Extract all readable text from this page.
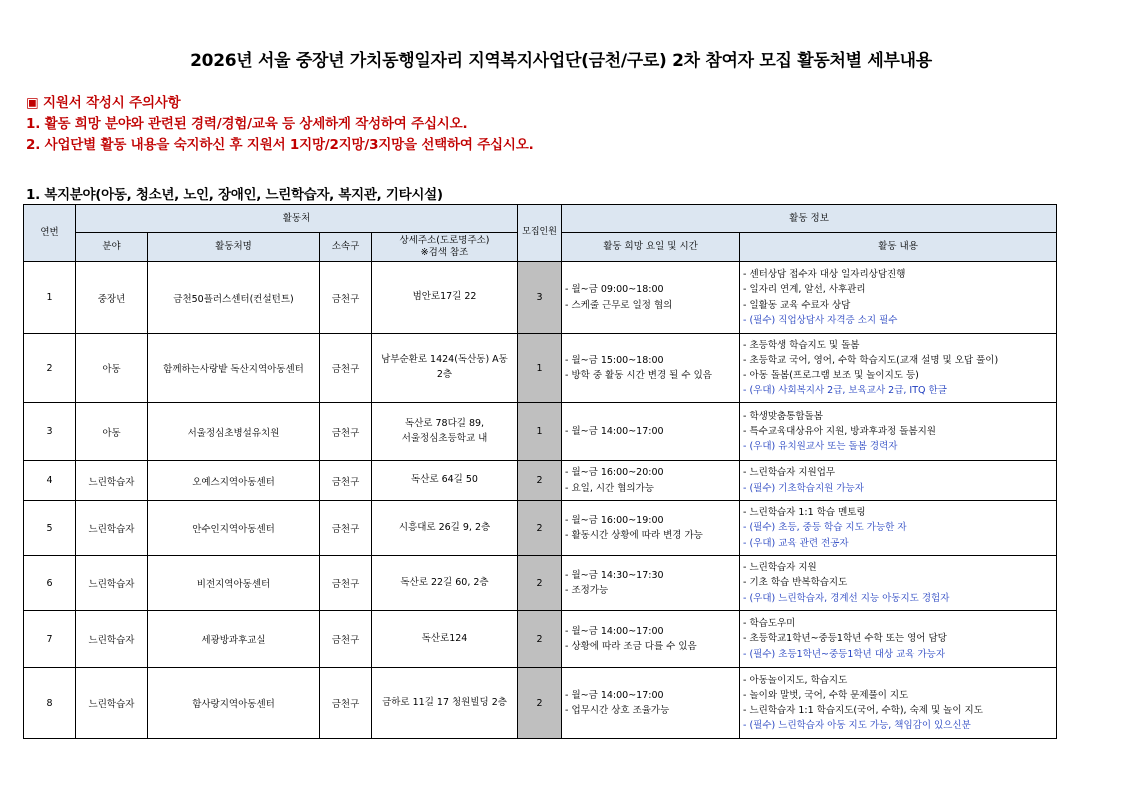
2026년 서울 중장년 가치동행일자리 지역복지사업단(금천/구로) 2차 참여자 모집 활동처별 세부내용
▣ 지원서 작성시 주의사항
1. 활동 희망 분야와 관련된 경력/경험/교육 등 상세하게 작성하여 주십시오.
2. 사업단별 활동 내용을 숙지하신 후 지원서 1지망/2지망/3지망을 선택하여 주십시오.
1. 복지분야(아동, 청소년, 노인, 장애인, 느린학습자, 복지관, 기타시설)
연번	활동처				모집인원	활동 정보	
	분야	활동처명	소속구	상세주소(도로명주소)
※검색 참조		활동 희망 요일 및 시간	활동 내용
1	중장년	금천50플러스센터(컨설턴트)	금천구	범안로17길 22	3	- 월~금 09:00~18:00
- 스케줄 근무로 일정 협의	- 센터상담 접수자 대상 일자리상담진행
- 일자리 연계, 알선, 사후관리
- 일활동 교육 수료자 상담
- (필수) 직업상담사 자격증 소지 필수

2	아동	함께하는사랑밭 독산지역아동센터	금천구	남부순환로 1424(독산동) A동
2층	1	- 월~금 15:00~18:00
- 방학 중 활동 시간 변경 될 수 있음	- 초등학생 학습지도 및 돌봄
- 초등학교 국어, 영어, 수학 학습지도(교재 설명 및 오답 풀이)
- 아동 돌봄(프로그램 보조 및 놀이지도 등)
- (우대) 사회복지사 2급, 보육교사 2급, ITQ 한글

3	아동	서울정심초병설유치원	금천구	독산로 78다길 89,
서울정심초등학교 내	1	- 월~금 14:00~17:00	- 학생맞춤통합돌봄
- 특수교육대상유아 지원, 방과후과정 돌봄지원
- (우대) 유치원교사 또는 돌봄 경력자

4	느린학습자	오예스지역아동센터	금천구	독산로 64길 50	2	- 월~금 16:00~20:00
- 요일, 시간 협의가능	- 느린학습자 지원업무
- (필수) 기초학습지원 가능자

5	느린학습자	안수인지역아동센터	금천구	시흥대로 26길 9, 2층	2	- 월~금 16:00~19:00
- 활동시간 상황에 따라 변경 가능	- 느린학습자 1:1 학습 멘토링
- (필수) 초등, 중등 학습 지도 가능한 자
- (우대) 교육 관련 전공자

6	느린학습자	비전지역아동센터	금천구	독산로 22길 60, 2층	2	- 월~금 14:30~17:30
- 조정가능	- 느린학습자 지원
- 기초 학습 반복학습지도
- (우대) 느린학습자, 경계선 지능 아동지도 경험자

7	느린학습자	세광방과후교실	금천구	독산로124	2	- 월~금 14:00~17:00
- 상황에 따라 조금 다를 수 있음	- 학습도우미
- 초등학교1학년~중등1학년 수학 또는 영어 담당
- (필수) 초등1학년~중등1학년 대상 교육 가능자

8	느린학습자	함사랑지역아동센터	금천구	금하로 11길 17 청원빌딩 2층	2	- 월~금 14:00~17:00
- 업무시간 상호 조율가능	- 아동놀이지도, 학습지도
- 놀이와 말벗, 국어, 수학 문제풀이 지도
- 느린학습자 1:1 학습지도(국어, 수학), 숙제 및 놀이 지도
- (필수) 느린학습자 아동 지도 가능, 책임감이 있으신분
